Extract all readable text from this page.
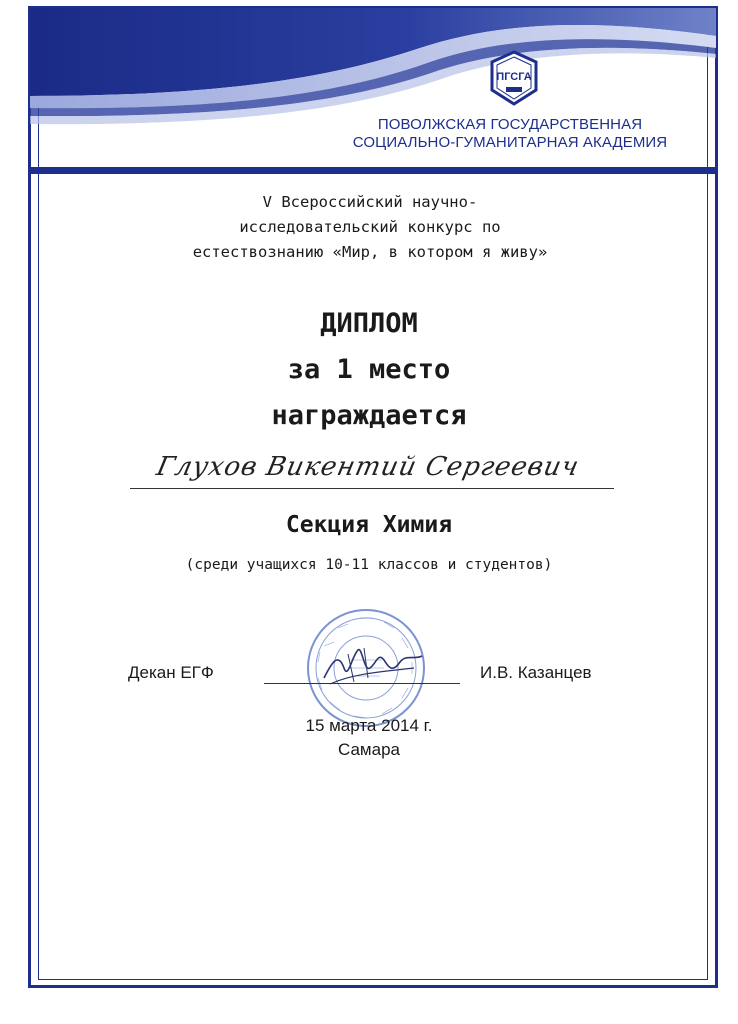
ПГСГА
ПОВОЛЖСКАЯ ГОСУДАРСТВЕННАЯ
СОЦИАЛЬНО-ГУМАНИТАРНАЯ АКАДЕМИЯ
V Всероссийский научно-
исследовательский конкурс по
естествознанию «Мир, в котором я живу»
ДИПЛОМ
за 1 место
награждается
Глухов Викентий Сергеевич
Секция Химия
(среди учащихся 10-11 классов и студентов)
Декан ЕГФ	И.В. Казанцев
15 марта 2014 г.
Самара
